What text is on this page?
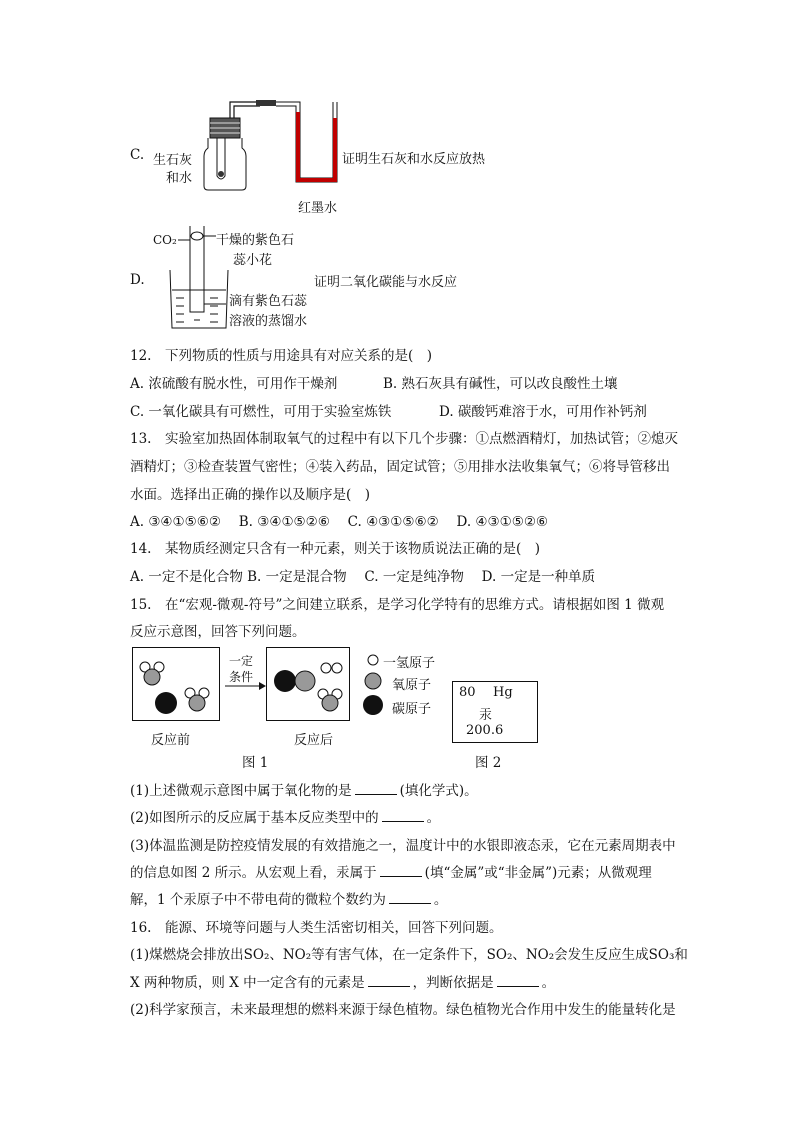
C. 生石灰
和水
证明生石灰和水反应放热
红墨水
D.
CO₂	干燥的紫色石
蕊小花
证明二氧化碳能与水反应
滴有紫色石蕊
溶液的蒸馏水
12.　下列物质的性质与用途具有对应关系的是(　)
A. 浓硫酸有脱水性，可用作干燥剂	B. 熟石灰具有碱性，可以改良酸性土壤
C. 一氧化碳具有可燃性，可用于实验室炼铁	D. 碳酸钙难溶于水，可用作补钙剂
13.　实验室加热固体制取氧气的过程中有以下几个步骤：①点燃酒精灯，加热试管；②熄灭
酒精灯；③检查装置气密性；④装入药品，固定试管；⑤用排水法收集氧气；⑥将导管移出
水面。选择出正确的操作以及顺序是(　)
A. ③④①⑤⑥②　 B. ③④①⑤②⑥　 C. ④③①⑤⑥②　 D. ④③①⑤②⑥
14.　某物质经测定只含有一种元素，则关于该物质说法正确的是(　)
A. 一定不是化合物 B. 一定是混合物　 C. 一定是纯净物　 D. 一定是一种单质
15.　在“宏观-微观-符号”之间建立联系，是学习化学特有的思维方式。请根据如图 1 微观
反应示意图，回答下列问题。
一定
条件
一氢原子
氧原子
碳原子
80 Hg
汞
200.6
反应前	反应后
图 1	图 2
(1)上述微观示意图中属于氧化物的是	(填化学式)。
(2)如图所示的反应属于基本反应类型中的	。
(3)体温监测是防控疫情发展的有效措施之一，温度计中的水银即液态汞，它在元素周期表中
的信息如图 2 所示。从宏观上看，汞属于	(填“金属”或“非金属”)元素；从微观理
解，1 个汞原子中不带电荷的微粒个数约为	。
16.　能源、环境等问题与人类生活密切相关，回答下列问题。
(1)煤燃烧会排放出SO₂、NO₂等有害气体，在一定条件下，SO₂、NO₂会发生反应生成SO₃和
X 两种物质，则 X 中一定含有的元素是	，判断依据是	。
(2)科学家预言，未来最理想的燃料来源于绿色植物。绿色植物光合作用中发生的能量转化是
